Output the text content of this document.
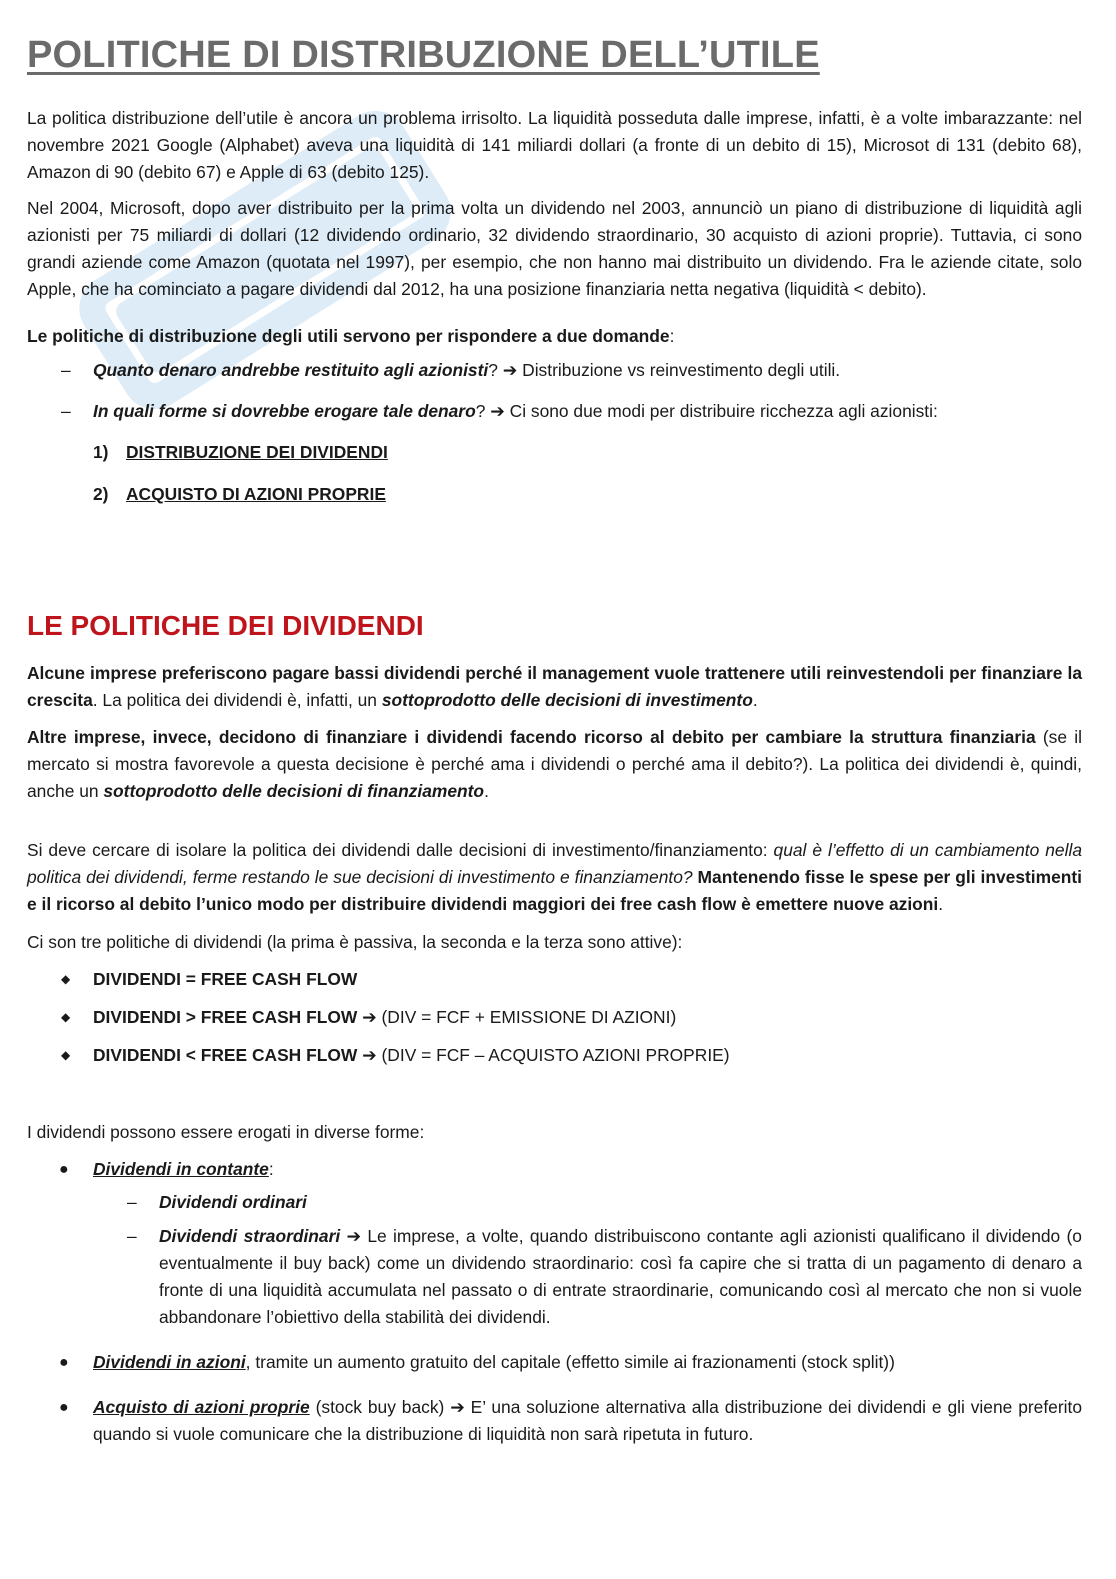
POLITICHE DI DISTRIBUZIONE DELL’UTILE

La politica distribuzione dell’utile è ancora un problema irrisolto. La liquidità posseduta dalle imprese, infatti, è a volte imbarazzante: nel novembre 2021 Google (Alphabet) aveva una liquidità di 141 miliardi dollari (a fronte di un debito di 15), Microsot di 131 (debito 68), Amazon di 90 (debito 67) e Apple di 63 (debito 125).

Nel 2004, Microsoft, dopo aver distribuito per la prima volta un dividendo nel 2003, annunciò un piano di distribuzione di liquidità agli azionisti per 75 miliardi di dollari (12 dividendo ordinario, 32 dividendo straordinario, 30 acquisto di azioni proprie). Tuttavia, ci sono grandi aziende come Amazon (quotata nel 1997), per esempio, che non hanno mai distribuito un dividendo. Fra le aziende citate, solo Apple, che ha cominciato a pagare dividendi dal 2012, ha una posizione finanziaria netta negativa (liquidità < debito).

Le politiche di distribuzione degli utili servono per rispondere a due domande:

– Quanto denaro andrebbe restituito agli azionisti? ➔ Distribuzione vs reinvestimento degli utili.
– In quali forme si dovrebbe erogare tale denaro? ➔ Ci sono due modi per distribuire ricchezza agli azionisti:
1) DISTRIBUZIONE DEI DIVIDENDI
2) ACQUISTO DI AZIONI PROPRIE
LE POLITICHE DEI DIVIDENDI

Alcune imprese preferiscono pagare bassi dividendi perché il management vuole trattenere utili reinvestendoli per finanziare la crescita. La politica dei dividendi è, infatti, un sottoprodotto delle decisioni di investimento.

Altre imprese, invece, decidono di finanziare i dividendi facendo ricorso al debito per cambiare la struttura finanziaria (se il mercato si mostra favorevole a questa decisione è perché ama i dividendi o perché ama il debito?). La politica dei dividendi è, quindi, anche un sottoprodotto delle decisioni di finanziamento.

Si deve cercare di isolare la politica dei dividendi dalle decisioni di investimento/finanziamento: qual è l’effetto di un cambiamento nella politica dei dividendi, ferme restando le sue decisioni di investimento e finanziamento? Mantenendo fisse le spese per gli investimenti e il ricorso al debito l’unico modo per distribuire dividendi maggiori dei free cash flow è emettere nuove azioni.

Ci son tre politiche di dividendi (la prima è passiva, la seconda e la terza sono attive):

◆ DIVIDENDI = FREE CASH FLOW
◆ DIVIDENDI > FREE CASH FLOW ➔ (DIV = FCF + EMISSIONE DI AZIONI)
◆ DIVIDENDI < FREE CASH FLOW ➔ (DIV = FCF – ACQUISTO AZIONI PROPRIE)

I dividendi possono essere erogati in diverse forme:

● Dividendi in contante:
– Dividendi ordinari
– Dividendi straordinari ➔ Le imprese, a volte, quando distribuiscono contante agli azionisti qualificano il dividendo (o eventualmente il buy back) come un dividendo straordinario: così fa capire che si tratta di un pagamento di denaro a fronte di una liquidità accumulata nel passato o di entrate straordinarie, comunicando così al mercato che non si vuole abbandonare l’obiettivo della stabilità dei dividendi.
● Dividendi in azioni, tramite un aumento gratuito del capitale (effetto simile ai frazionamenti (stock split))
● Acquisto di azioni proprie (stock buy back) ➔ E’ una soluzione alternativa alla distribuzione dei dividendi e gli viene preferito quando si vuole comunicare che la distribuzione di liquidità non sarà ripetuta in futuro.
